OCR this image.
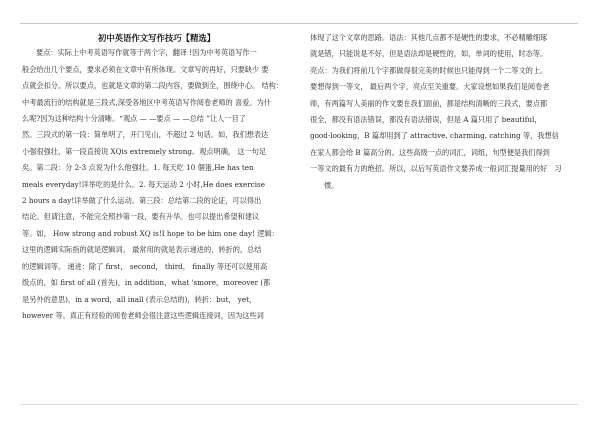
初中英语作文写作技巧【精选】
要点：实际上中考英语写作就等于两个字，翻译 !因为中考英语写作一
般会给出几个要点，要求必须在文章中有所体现。文章写的再好，只要缺少 要
点就会扣分。所以要点，也就是文章的第二段内容，要做到全，围绕中心。 结构：
中考最流行的结构就是三段式,深受各地区中考英语写作阅卷老师的 喜爱。为什
么呢?因为这种结构十分清晰。“观点 — —要点 — —总结 ”让人一目了
然。三段式的第一段：简单明了，开门见山，不超过 2 句话。如，我们想表达
小强很强壮，第一段直接说 XQis extremely strong。观点明确， 这一句足
矣。第二段：分 2-3 点说为什么他强壮。1. 每天吃 10 個蛋,He has ten
meals everyday!详举吃的是什么。2. 每天运动 2 小时,He does exercise
2 hours a day!详举做了什么运动。第三段：总结第二段的论证，可以得出
结论。但请注意，不能完全照抄第一段，要有升华。也可以提出希望和建议
等。如， How strong and robust XQ is!I hope to be him one day! 逻辑：
这里的逻辑实际指的就是逻辑词。 最常用的就是表示递进的，转折的，总结
的逻辑词等。 递进：除了 first， second， third， finally 等还可以使用高
级点的，如 first of all (首先)，in addition，what 'smore，moreover (都
是另外的意思)，in a word，all inall (表示总结的)，转折：but， yet，
however 等。真正有经验的阅卷老师会很注意这些逻辑连接词，因为这些词
体现了这个文章的思路。语法：其他几点都不是硬性的要求，不必精雕细琢
就是错，只能说是不好，但是语法却是硬性的，如，单词的使用，时态等。
亮点：为我们将前几个字都做得很完美的时候也只能得到一个二等文的上。
要想得到一等文， 最后两个字，亮点至关重要。大家设想如果我们是阅卷老
师，有两篇写人美丽的作文要在我们面前，都是结构清晰的三段式，要点都
很全，都没有语法错误，都没有语法错误，但是 A 篇只用了 beautiful，
good-looking，B 篇却用到了 attractive, charming, catching 等，我想信
在家人都会给 B 篇高分的。这些高级一点的词汇，词组，句型便是我们得到
一等文的最有力的绝招。所以，以后写英语作文要养成一般词汇提量用的好　习
惯。
